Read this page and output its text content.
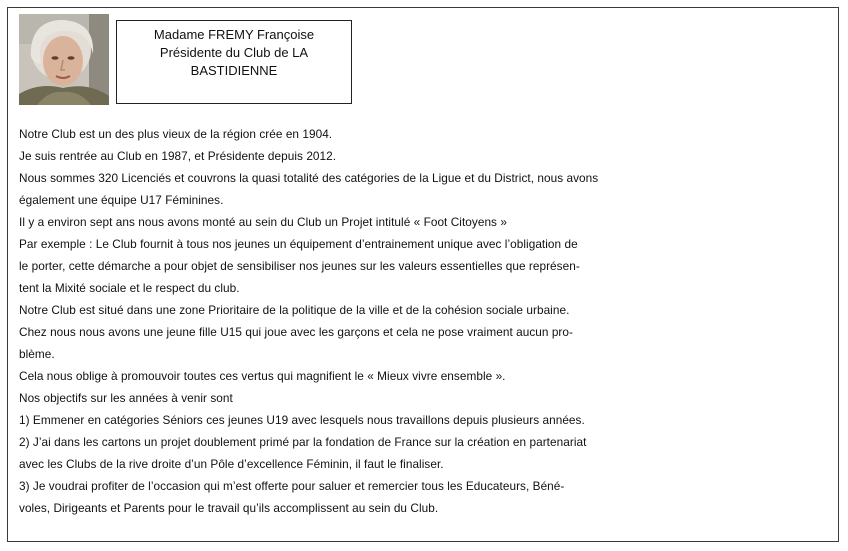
Madame FREMY Françoise
Présidente du Club de LA
BASTIDIENNE
Notre Club est un des plus vieux de la région crée en 1904.
Je suis rentrée au Club en 1987, et Présidente depuis 2012.
Nous sommes 320 Licenciés et couvrons la quasi totalité des catégories de la Ligue et du District, nous avons
également une équipe U17 Féminines.
Il y a environ sept ans nous avons monté au sein du Club un Projet intitulé « Foot Citoyens »
Par exemple : Le Club fournit à tous nos jeunes un équipement d’entrainement unique avec l’obligation de
le porter, cette démarche a pour objet de sensibiliser nos jeunes sur les valeurs essentielles que représen-
tent la Mixité sociale et le respect du club.
Notre Club est situé dans une zone Prioritaire de la politique de la ville et de la cohésion sociale urbaine.
Chez nous nous avons une jeune fille U15 qui joue avec les garçons et cela ne pose vraiment aucun pro-
blème.
Cela nous oblige à promouvoir toutes ces vertus qui magnifient le « Mieux vivre ensemble ».
Nos objectifs sur les années à venir sont
1) Emmener en catégories Séniors ces jeunes U19 avec lesquels nous travaillons depuis plusieurs années.
2) J’ai dans les cartons un projet doublement primé par la fondation de France sur la création en partenariat
avec les Clubs de la rive droite d’un Pôle d’excellence Féminin, il faut le finaliser.
3) Je voudrai profiter de l’occasion qui m’est offerte pour saluer et remercier tous les Educateurs, Béné-
voles, Dirigeants et Parents pour le travail qu’ils accomplissent au sein du Club.
